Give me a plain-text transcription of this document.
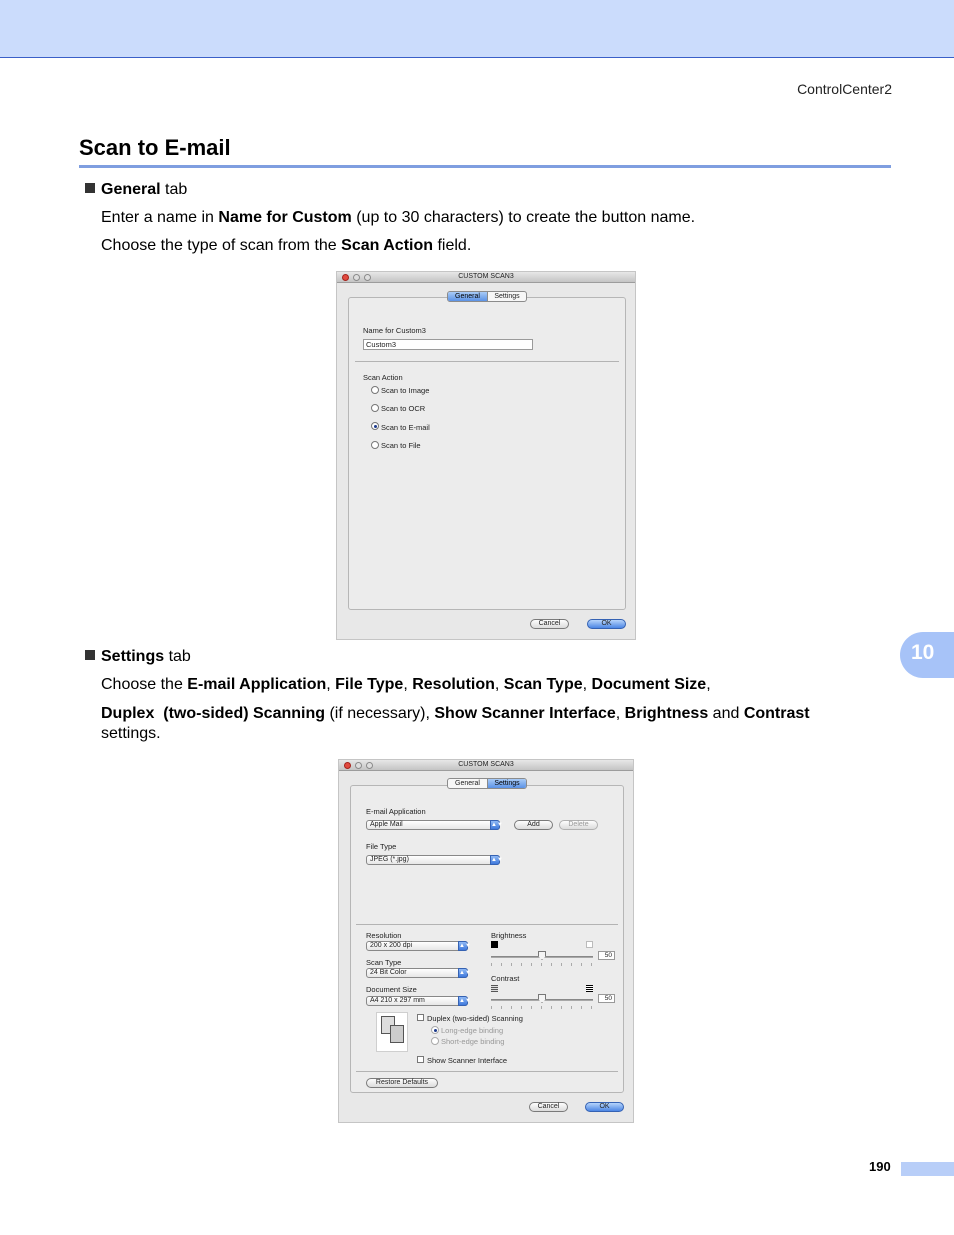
ControlCenter2
Scan to E-mail
General tab
Enter a name in Name for Custom (up to 30 characters) to create the button name.
Choose the type of scan from the Scan Action field.
CUSTOM SCAN3
General	Settings
Name for Custom3
Custom3
Scan Action
Scan to Image
Scan to OCR
Scan to E-mail
Scan to File
Cancel	OK
Settings tab
Choose the E-mail Application, File Type, Resolution, Scan Type, Document Size,
Duplex  (two-sided) Scanning (if necessary), Show Scanner Interface, Brightness and Contrast
settings.
CUSTOM SCAN3
General	Settings
E-mail Application
Apple Mail	▲▼	Add	Delete
File Type
JPEG (*.jpg)	▲▼
Resolution
200 x 200 dpi	▲▼
Scan Type
24 Bit Color	▲▼
Document Size
A4 210 x 297 mm	▲▼
Brightness
50
Contrast
50
Duplex (two-sided) Scanning
Long-edge binding
Short-edge binding
Show Scanner Interface
Restore Defaults
Cancel	OK
10
190
